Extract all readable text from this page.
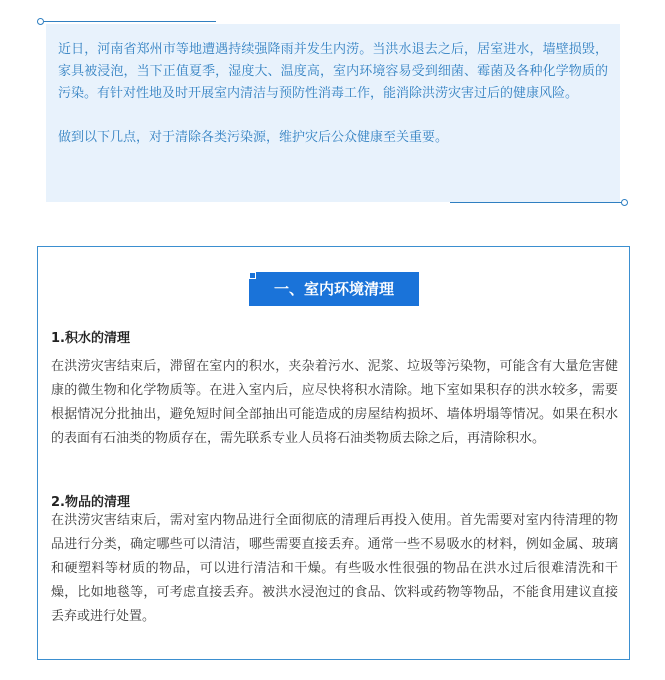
近日，河南省郑州市等地遭遇持续强降雨并发生内涝。当洪水退去之后，居室进水，墙壁损毁，家具被浸泡，当下正值夏季，湿度大、温度高，室内环境容易受到细菌、霉菌及各种化学物质的污染。有针对性地及时开展室内清洁与预防性消毒工作，能消除洪涝灾害过后的健康风险。

做到以下几点，对于清除各类污染源，维护灾后公众健康至关重要。

一、室内环境清理
1.积水的清理

在洪涝灾害结束后，滞留在室内的积水，夹杂着污水、泥浆、垃圾等污染物，可能含有大量危害健康的微生物和化学物质等。在进入室内后，应尽快将积水清除。地下室如果积存的洪水较多，需要根据情况分批抽出，避免短时间全部抽出可能造成的房屋结构损坏、墙体坍塌等情况。如果在积水的表面有石油类的物质存在，需先联系专业人员将石油类物质去除之后，再清除积水。

2.物品的清理

在洪涝灾害结束后，需对室内物品进行全面彻底的清理后再投入使用。首先需要对室内待清理的物品进行分类，确定哪些可以清洁，哪些需要直接丢弃。通常一些不易吸水的材料，例如金属、玻璃和硬塑料等材质的物品，可以进行清洁和干燥。有些吸水性很强的物品在洪水过后很难清洗和干燥，比如地毯等，可考虑直接丢弃。被洪水浸泡过的食品、饮料或药物等物品，不能食用建议直接丢弃或进行处置。
